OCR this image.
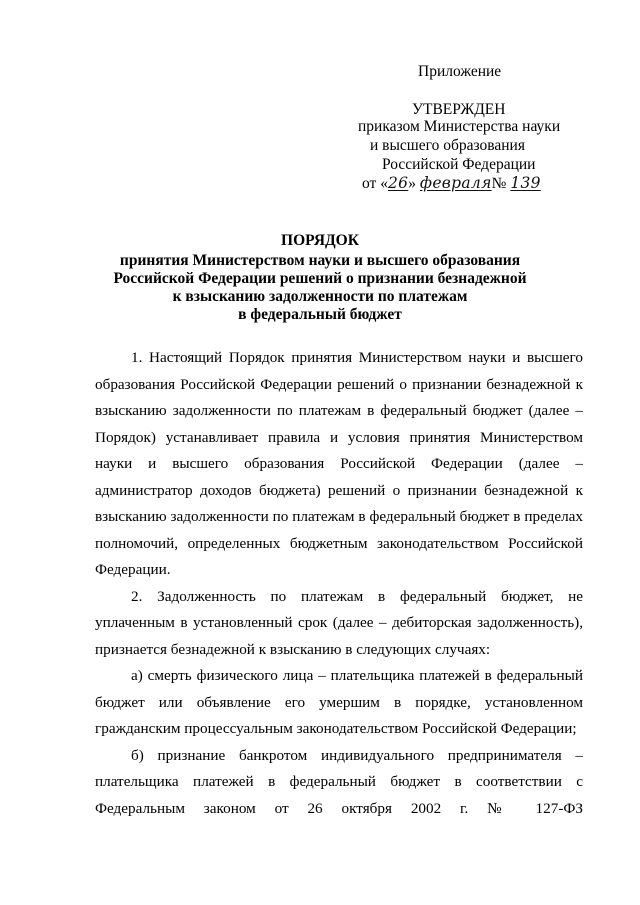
Приложение
УТВЕРЖДЕН
приказом Министерства науки
и высшего образования
Российской Федерации
от «26» февраля№ 139
ПОРЯДОК
принятия Министерством науки и высшего образования
Российской Федерации решений о признании безнадежной
к взысканию задолженности по платежам
в федеральный бюджет

1. Настоящий Порядок принятия Министерством науки и высшего образования Российской Федерации решений о признании безнадежной к взысканию задолженности по платежам в федеральный бюджет (далее – Порядок) устанавливает правила и условия принятия Министерством науки и высшего образования Российской Федерации (далее – администратор доходов бюджета) решений о признании безнадежной к взысканию задолженности по платежам в федеральный бюджет в пределах полномочий, определенных бюджетным законодательством Российской Федерации.

2. Задолженность по платежам в федеральный бюджет, не уплаченным в установленный срок (далее – дебиторская задолженность), признается безнадежной к взысканию в следующих случаях:

а) смерть физического лица – плательщика платежей в федеральный бюджет или объявление его умершим в порядке, установленном гражданским процессуальным законодательством Российской Федерации;

б) признание банкротом индивидуального предпринимателя – плательщика платежей в федеральный бюджет в соответствии с Федеральным законом от 26 октября 2002 г. № 127-ФЗ
